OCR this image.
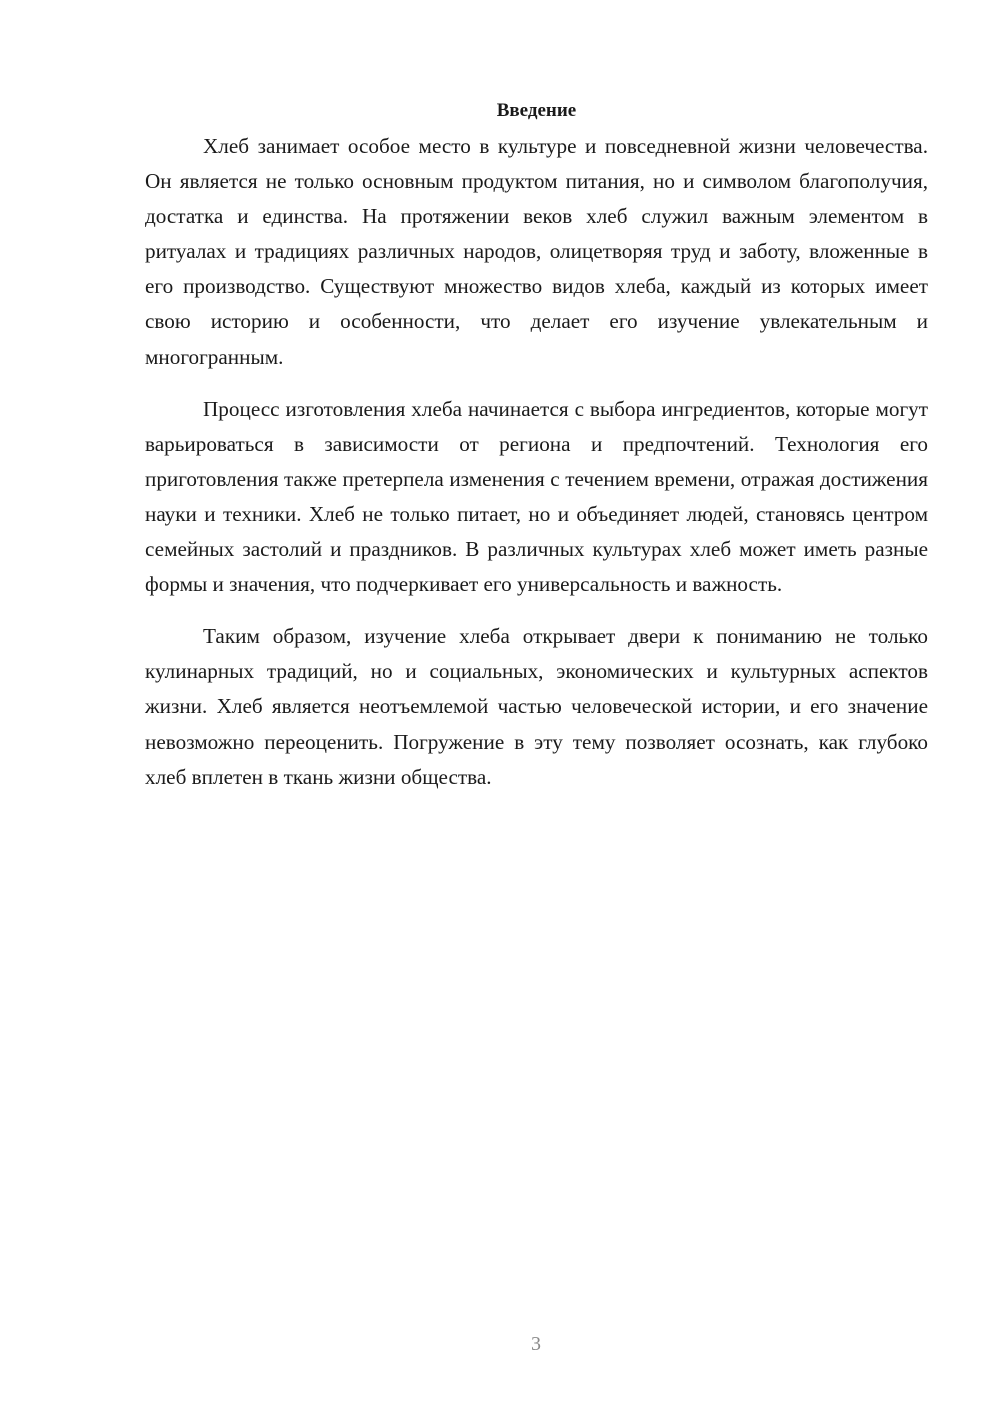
Введение

Хлеб занимает особое место в культуре и повседневной жизни человечества. Он является не только основным продуктом питания, но и символом благополучия, достатка и единства. На протяжении веков хлеб служил важным элементом в ритуалах и традициях различных народов, олицетворяя труд и заботу, вложенные в его производство. Существуют множество видов хлеба, каждый из которых имеет свою историю и особенности, что делает его изучение увлекательным и многогранным.

Процесс изготовления хлеба начинается с выбора ингредиентов, которые могут варьироваться в зависимости от региона и предпочтений. Технология его приготовления также претерпела изменения с течением времени, отражая достижения науки и техники. Хлеб не только питает, но и объединяет людей, становясь центром семейных застолий и праздников. В различных культурах хлеб может иметь разные формы и значения, что подчеркивает его универсальность и важность.

Таким образом, изучение хлеба открывает двери к пониманию не только кулинарных традиций, но и социальных, экономических и культурных аспектов жизни. Хлеб является неотъемлемой частью человеческой истории, и его значение невозможно переоценить. Погружение в эту тему позволяет осознать, как глубоко хлеб вплетен в ткань жизни общества.

3
